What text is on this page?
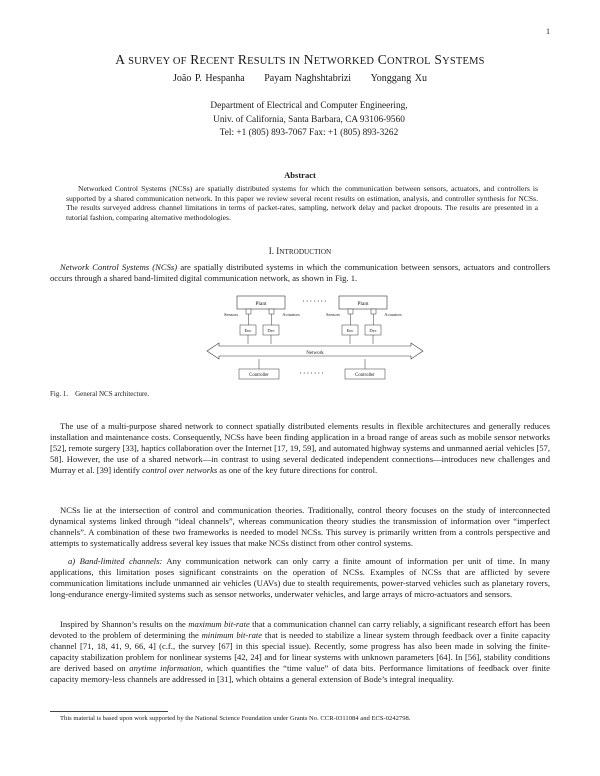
1
A SURVEY OF RECENT RESULTS IN NETWORKED CONTROL SYSTEMS
João P. Hespanha Payam Naghshtabrizi Yonggang Xu
Department of Electrical and Computer Engineering,
Univ. of California, Santa Barbara, CA 93106-9560
Tel: +1 (805) 893-7067 Fax: +1 (805) 893-3262
Abstract
Networked Control Systems (NCSs) are spatially distributed systems for which the communication between sensors, actuators, and controllers is supported by a shared communication network. In this paper we review several recent results on estimation, analysis, and controller synthesis for NCSs. The results surveyed address channel limitations in terms of packet-rates, sampling, network delay and packet dropouts. The results are presented in a tutorial fashion, comparing alternative methodologies.
I. INTRODUCTION

Network Control Systems (NCSs) are spatially distributed systems in which the communication between sensors, actuators and controllers occurs through a shared band-limited digital communication network, as shown in Fig. 1.

Plant
Sensors	Actuators
Enc	Dec
·······	Plant
Sensors	Actuators
Enc	Dec
Network
Controller	·······	Controller
Fig. 1.    General NCS architecture.

The use of a multi-purpose shared network to connect spatially distributed elements results in flexible architectures and generally reduces installation and maintenance costs. Consequently, NCSs have been finding application in a broad range of areas such as mobile sensor networks [52], remote surgery [33], haptics collaboration over the Internet [17, 19, 59], and automated highway systems and unmanned aerial vehicles [57, 58]. However, the use of a shared network—in contrast to using several dedicated independent connections—introduces new challenges and Murray et al. [39] identify control over networks as one of the key future directions for control.

NCSs lie at the intersection of control and communication theories. Traditionally, control theory focuses on the study of interconnected dynamical systems linked through “ideal channels”, whereas communication theory studies the transmission of information over “imperfect channels”. A combination of these two frameworks is needed to model NCSs. This survey is primarily written from a controls perspective and attempts to systematically address several key issues that make NCSs distinct from other control systems.

a) Band-limited channels: Any communication network can only carry a finite amount of information per unit of time. In many applications, this limitation poses significant constraints on the operation of NCSs. Examples of NCSs that are afflicted by severe communication limitations include unmanned air vehicles (UAVs) due to stealth requirements, power-starved vehicles such as planetary rovers, long-endurance energy-limited systems such as sensor networks, underwater vehicles, and large arrays of micro-actuators and sensors.

Inspired by Shannon’s results on the maximum bit-rate that a communication channel can carry reliably, a significant research effort has been devoted to the problem of determining the minimum bit-rate that is needed to stabilize a linear system through feedback over a finite capacity channel [71, 18, 41, 9, 66, 4] (c.f., the survey [67] in this special issue). Recently, some progress has also been made in solving the finite-capacity stabilization problem for nonlinear systems [42, 24] and for linear systems with unknown parameters [64]. In [56], stability conditions are derived based on anytime information, which quantifies the “time value” of data bits. Performance limitations of feedback over finite capacity memory-less channels are addressed in [31], which obtains a general extension of Bode’s integral inequality.

This material is based upon work supported by the National Science Foundation under Grants No. CCR-0311084 and ECS-0242798.
